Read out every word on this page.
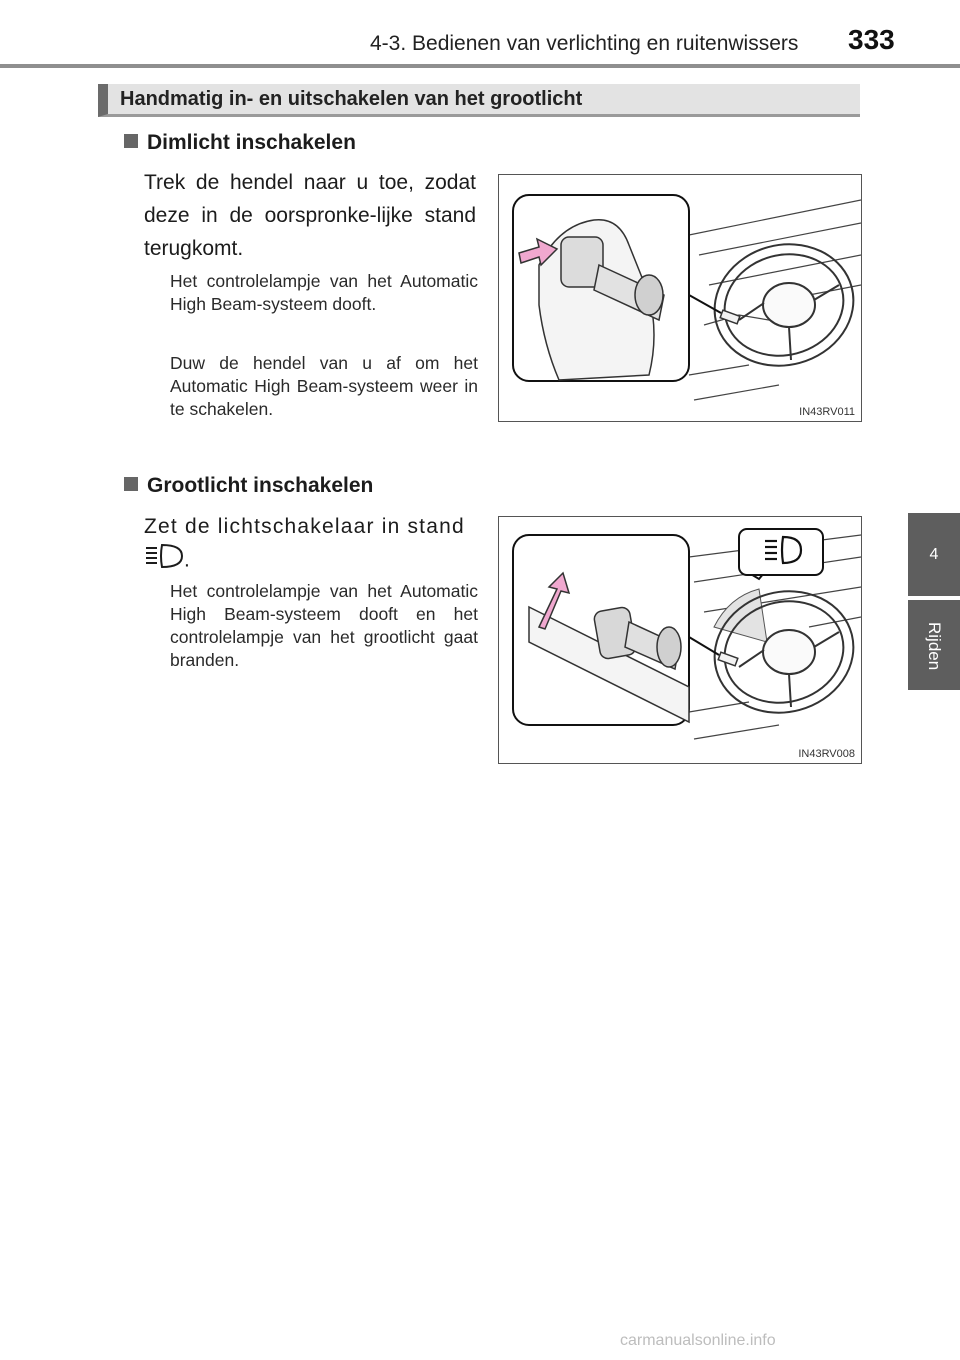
4-3. Bedienen van verlichting en ruitenwissers 333
4
Rijden
Handmatig in- en uitschakelen van het grootlicht
Dimlicht inschakelen
Trek de hendel naar u toe, zodat deze in de oorspronke-lijke stand terugkomt.
Het controlelampje van het Automatic High Beam-systeem dooft.
Duw de hendel van u af om het Automatic High Beam-systeem weer in te schakelen.	IN43RV011
Grootlicht inschakelen
Zet de lichtschakelaar in stand
.
Het controlelampje van het Automatic High Beam-systeem dooft en het controlelampje van het grootlicht gaat branden.
IN43RV008
carmanualsonline.info
